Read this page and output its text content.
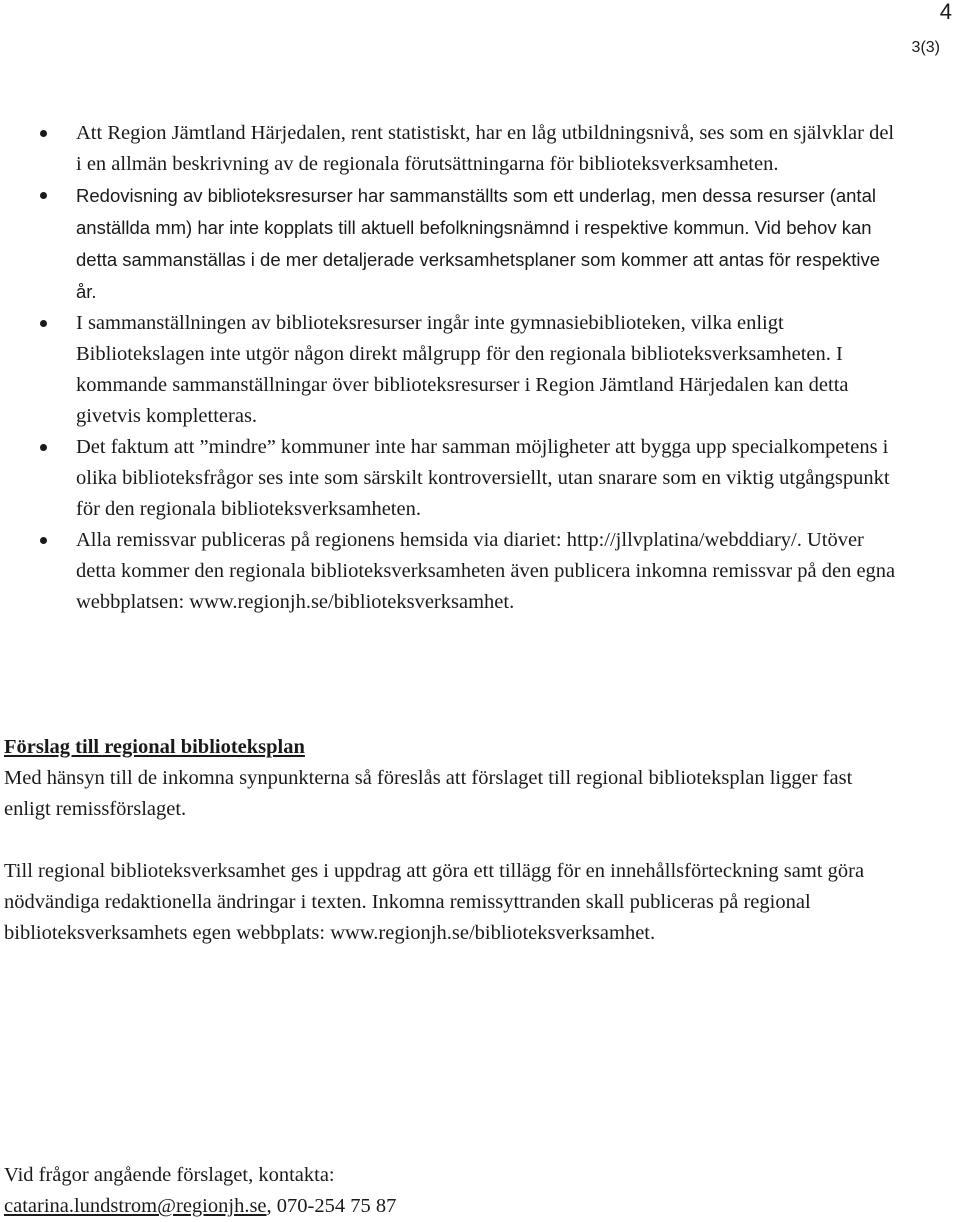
4
3(3)
Att Region Jämtland Härjedalen, rent statistiskt, har en låg utbildningsnivå, ses som en självklar del i en allmän beskrivning av de regionala förutsättningarna för biblioteksverksamheten.
Redovisning av biblioteksresurser har sammanställts som ett underlag, men dessa resurser (antal anställda mm) har inte kopplats till aktuell befolkningsnämnd i respektive kommun. Vid behov kan detta sammanställas i de mer detaljerade verksamhetsplaner som kommer att antas för respektive år.
I sammanställningen av biblioteksresurser ingår inte gymnasiebiblioteken, vilka enligt Bibliotekslagen inte utgör någon direkt målgrupp för den regionala biblioteksverksamheten. I kommande sammanställningar över biblioteksresurser i Region Jämtland Härjedalen kan detta givetvis kompletteras.
Det faktum att ”mindre” kommuner inte har samman möjligheter att bygga upp specialkompetens i olika biblioteksfrågor ses inte som särskilt kontroversiellt, utan snarare som en viktig utgångspunkt för den regionala biblioteksverksamheten.
Alla remissvar publiceras på regionens hemsida via diariet: http://jllvplatina/webddiary/. Utöver detta kommer den regionala biblioteksverksamheten även publicera inkomna remissvar på den egna webbplatsen: www.regionjh.se/biblioteksverksamhet.

Förslag till regional biblioteksplan

Med hänsyn till de inkomna synpunkterna så föreslås att förslaget till regional biblioteksplan ligger fast enligt remissförslaget.

Till regional biblioteksverksamhet ges i uppdrag att göra ett tillägg för en innehållsförteckning samt göra nödvändiga redaktionella ändringar i texten. Inkomna remissyttranden skall publiceras på regional biblioteksverksamhets egen webbplats: www.regionjh.se/biblioteksverksamhet.

Vid frågor angående förslaget, kontakta:

catarina.lundstrom@regionjh.se, 070-254 75 87
